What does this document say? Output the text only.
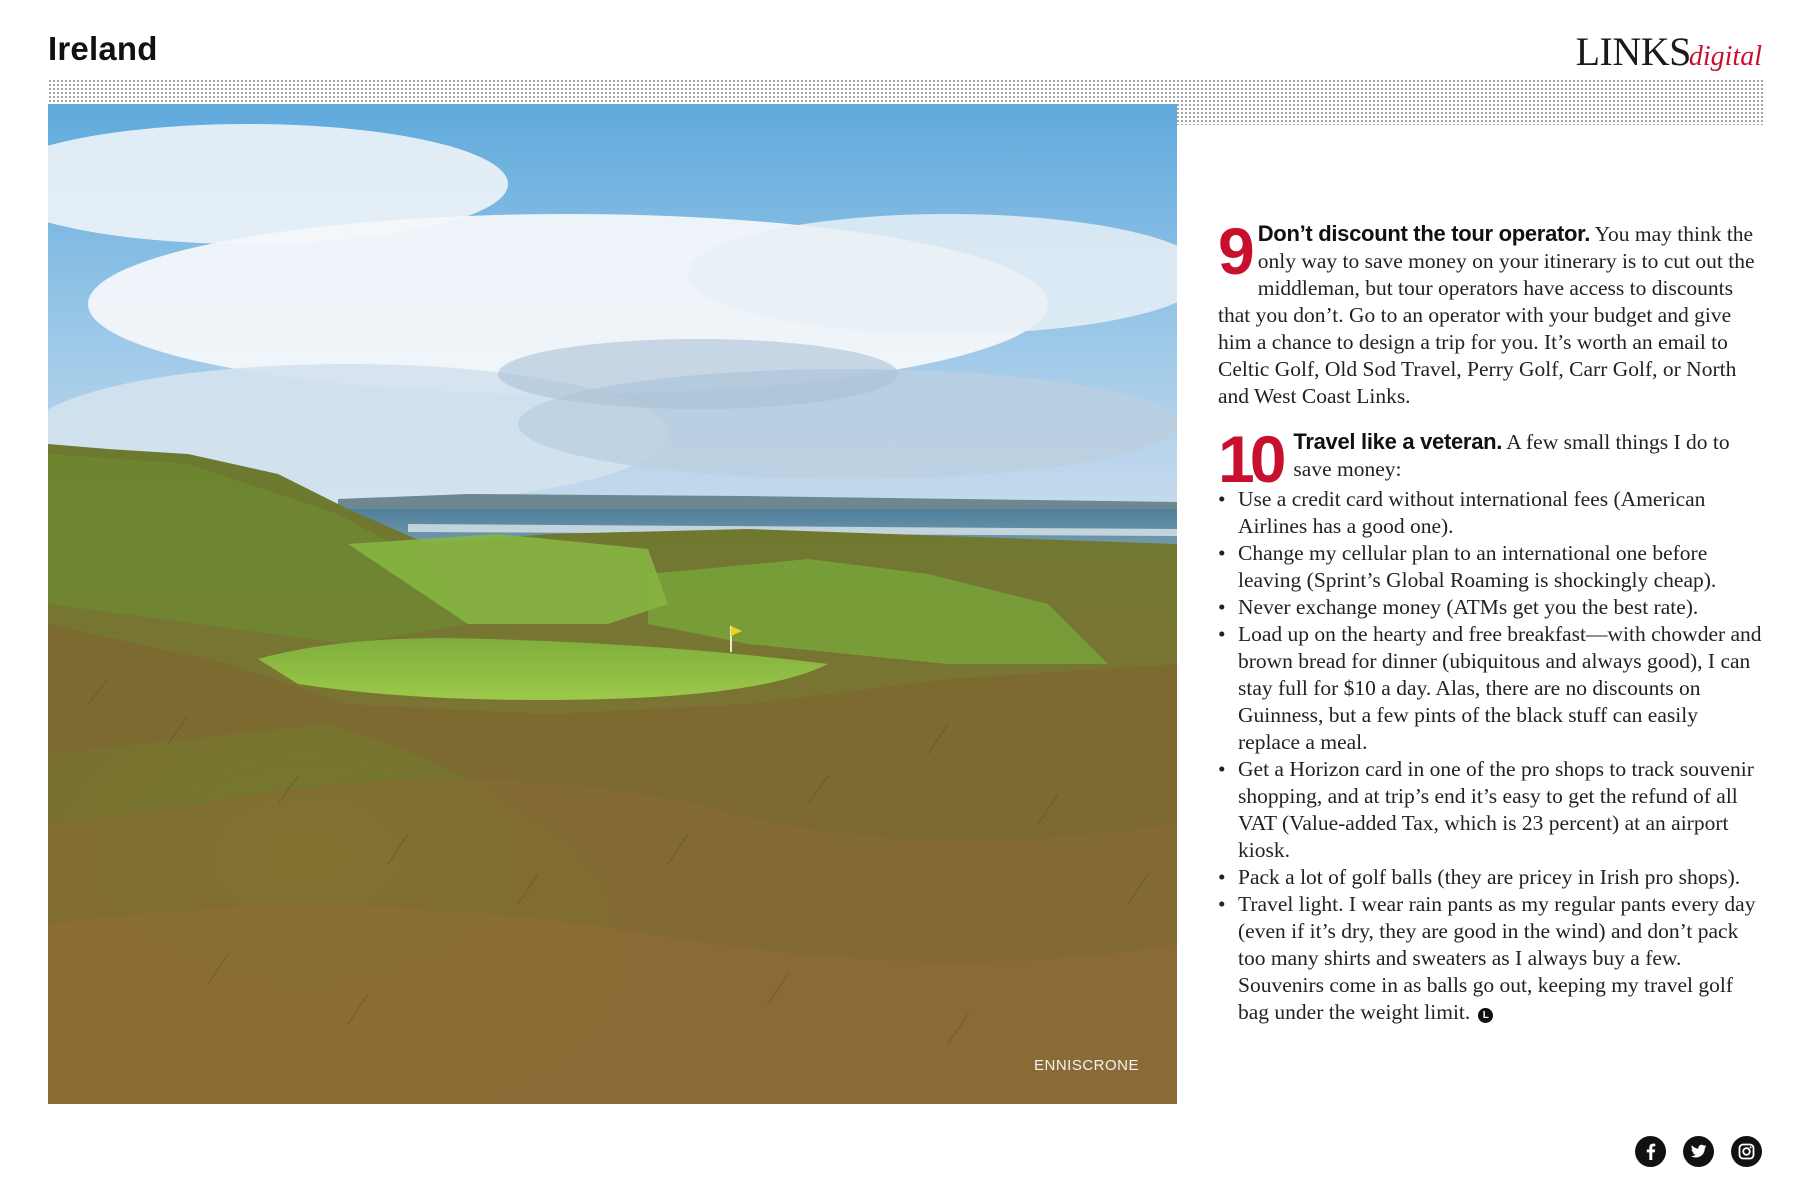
Ireland	LINKSdigital
ENNISCRONE
9 Don’t discount the tour operator. You may think the only way to save money on your itinerary is to cut out the middleman, but tour operators have access to discounts that you don’t. Go to an operator with your budget and give him a chance to design a trip for you. It’s worth an email to Celtic Golf, Old Sod Travel, Perry Golf, Carr Golf, or North and West Coast Links.
10 Travel like a veteran. A few small things I do to save money:
• Use a credit card without international fees (American Airlines has a good one).
• Change my cellular plan to an international one before leaving (Sprint’s Global Roaming is shockingly cheap).
• Never exchange money (ATMs get you the best rate).
• Load up on the hearty and free breakfast—with chowder and brown bread for dinner (ubiquitous and always good), I can stay full for $10 a day. Alas, there are no discounts on Guinness, but a few pints of the black stuff can easily replace a meal.
• Get a Horizon card in one of the pro shops to track souvenir shopping, and at trip’s end it’s easy to get the refund of all VAT (Value-added Tax, which is 23 percent) at an airport kiosk.
• Pack a lot of golf balls (they are pricey in Irish pro shops).
• Travel light. I wear rain pants as my regular pants every day (even if it’s dry, they are good in the wind) and don’t pack too many shirts and sweaters as I always buy a few. Souvenirs come in as balls go out, keeping my travel golf bag under the weight limit. L
